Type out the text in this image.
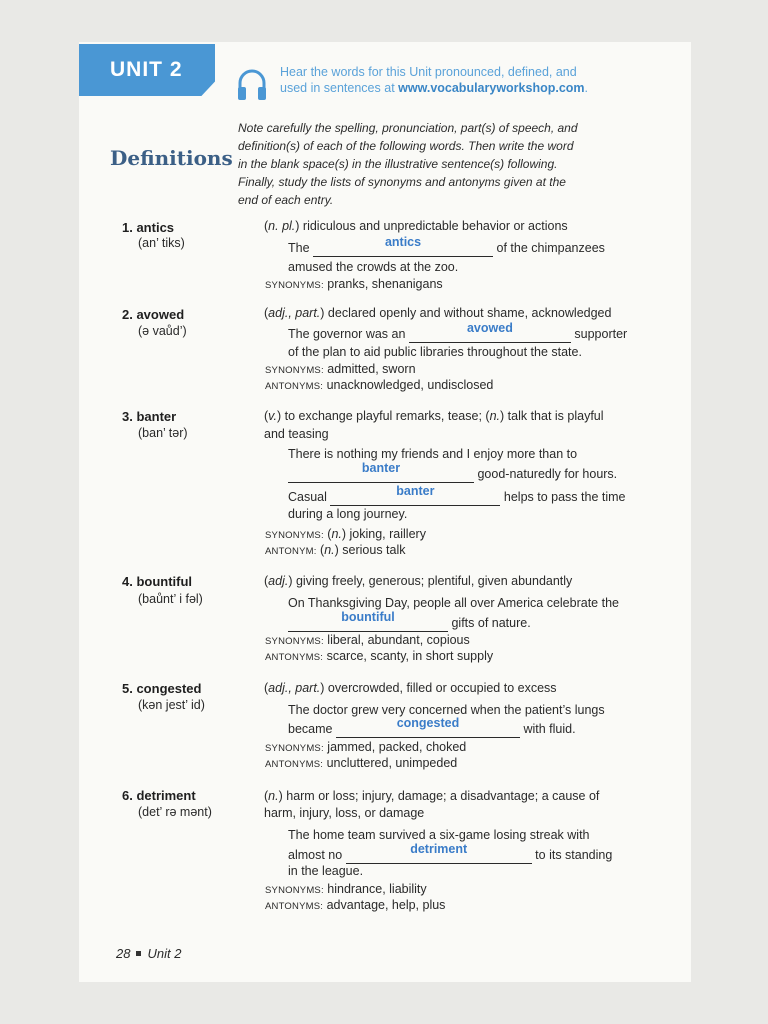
UNIT 2	Hear the words for this Unit pronounced, defined, and
used in sentences at www.vocabularyworkshop.com.
Definitions
Note carefully the spelling, pronunciation, part(s) of speech, and
definition(s) of each of the following words. Then write the word
in the blank space(s) in the illustrative sentence(s) following.
Finally, study the lists of synonyms and antonyms given at the
end of each entry.
1. antics
(an’ tiks)
(n. pl.) ridiculous and unpredictable behavior or actions
The	antics	of the chimpanzees
amused the crowds at the zoo.
SYNONYMS: pranks, shenanigans
2. avowed
(ə vaůd’)
(adj., part.) declared openly and without shame, acknowledged
The governor was an	avowed	supporter
of the plan to aid public libraries throughout the state.
SYNONYMS: admitted, sworn
ANTONYMS: unacknowledged, undisclosed
3. banter
(ban’ tər)
(v.) to exchange playful remarks, tease; (n.) talk that is playful
and teasing
There is nothing my friends and I enjoy more than to
banter	good-naturedly for hours.
Casual	banter	helps to pass the time
during a long journey.
SYNONYMS: (n.) joking, raillery
ANTONYM: (n.) serious talk
4. bountiful
(baůnt’ i fəl)
(adj.) giving freely, generous; plentiful, given abundantly
On Thanksgiving Day, people all over America celebrate the
bountiful	gifts of nature.
SYNONYMS: liberal, abundant, copious
ANTONYMS: scarce, scanty, in short supply
5. congested
(kən jest’ id)
(adj., part.) overcrowded, filled or occupied to excess
The doctor grew very concerned when the patient’s lungs
became	congested	with fluid.
SYNONYMS: jammed, packed, choked
ANTONYMS: uncluttered, unimpeded
6. detriment
(det’ rə mənt)
(n.) harm or loss; injury, damage; a disadvantage; a cause of
harm, injury, loss, or damage
The home team survived a six-game losing streak with
almost no	detriment	to its standing
in the league.
SYNONYMS: hindrance, liability
ANTONYMS: advantage, help, plus
28 Unit 2
